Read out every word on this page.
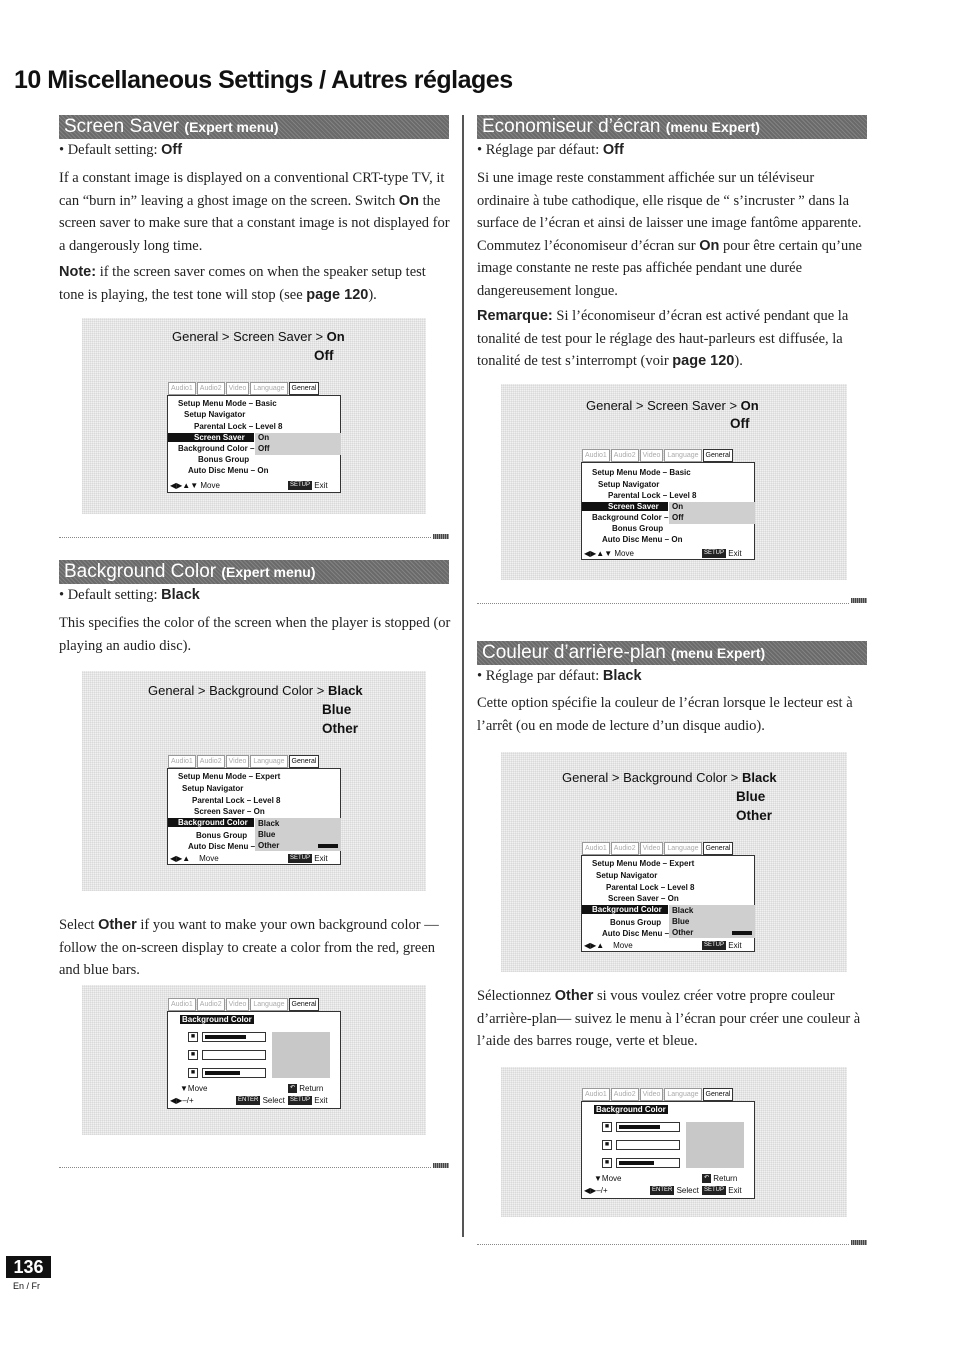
10 Miscellaneous Settings / Autres réglages
Screen Saver (Expert menu)
• Default setting: Off
If a constant image is displayed on a conventional CRT-type TV, it can “burn in” leaving a ghost image on the screen. Switch On the screen saver to make sure that a constant image is not displayed for a dangerously long time.
Note: if the screen saver comes on when the speaker setup test tone is playing, the test tone will stop (see page 120).
General > Screen Saver > On
Off
Audio1	Audio2	Video	Language	General
Setup Menu Mode – Basic
Setup Navigator
Parental Lock – Level 8
Screen Saver	On
Off
Background Color –
Bonus Group
Auto Disc Menu – On
◀▶▲▼ Move	SETUP Exit
Background Color (Expert menu)
• Default setting: Black
This specifies the color of the screen when the player is stopped (or playing an audio disc).
General > Background Color > Black
Blue
Other
Audio1	Audio2	Video	Language	General
Setup Menu Mode – Expert
Setup Navigator
Parental Lock – Level 8
Screen Saver – On
Background Color	Black
Blue
Other
Bonus Group
Auto Disc Menu –
◀▶▲    Move	SETUP Exit
Select Other if you want to make your own background color — follow the on-screen display to create a color from the red, green and blue bars.
Audio1	Audio2	Video	Language	General
Background Color
■
■
■
▼Move
◀▶–/+
↶ Return
ENTER Select SETUP Exit
Economiseur d’écran (menu Expert)
• Réglage par défaut: Off
Si une image reste constamment affichée sur un téléviseur ordinaire à tube cathodique, elle risque de “ s’incruster ” dans la surface de l’écran et ainsi de laisser une image fantôme apparente. Commutez l’économiseur d’écran sur On pour être certain qu’une image constante ne reste pas affichée pendant une durée dangereusement longue.
Remarque: Si l’économiseur d’écran est activé pendant que la tonalité de test pour le réglage des haut-parleurs est diffusée, la tonalité de test s’interrompt (voir page 120).
General > Screen Saver > On
Off
Audio1	Audio2	Video	Language	General
Setup Menu Mode – Basic
Setup Navigator
Parental Lock – Level 8
Screen Saver	On
Off
Background Color –
Bonus Group
Auto Disc Menu – On
◀▶▲▼ Move	SETUP Exit
Couleur d’arrière-plan (menu Expert)
• Réglage par défaut: Black
Cette option spécifie la couleur de l’écran lorsque le lecteur est à l’arrêt (ou en mode de lecture d’un disque audio).
General > Background Color > Black
Blue
Other
Audio1	Audio2	Video	Language	General
Setup Menu Mode – Expert
Setup Navigator
Parental Lock – Level 8
Screen Saver – On
Background Color	Black
Blue
Other
Bonus Group
Auto Disc Menu –
◀▶▲    Move	SETUP Exit
Sélectionnez Other si vous voulez créer votre propre couleur d’arrière-plan— suivez le menu à l’écran pour créer une couleur à l’aide des barres rouge, verte et bleue.
Audio1	Audio2	Video	Language	General
Background Color
■
■
■
▼Move
◀▶–/+
↶ Return
ENTER Select SETUP Exit
136
En / Fr
